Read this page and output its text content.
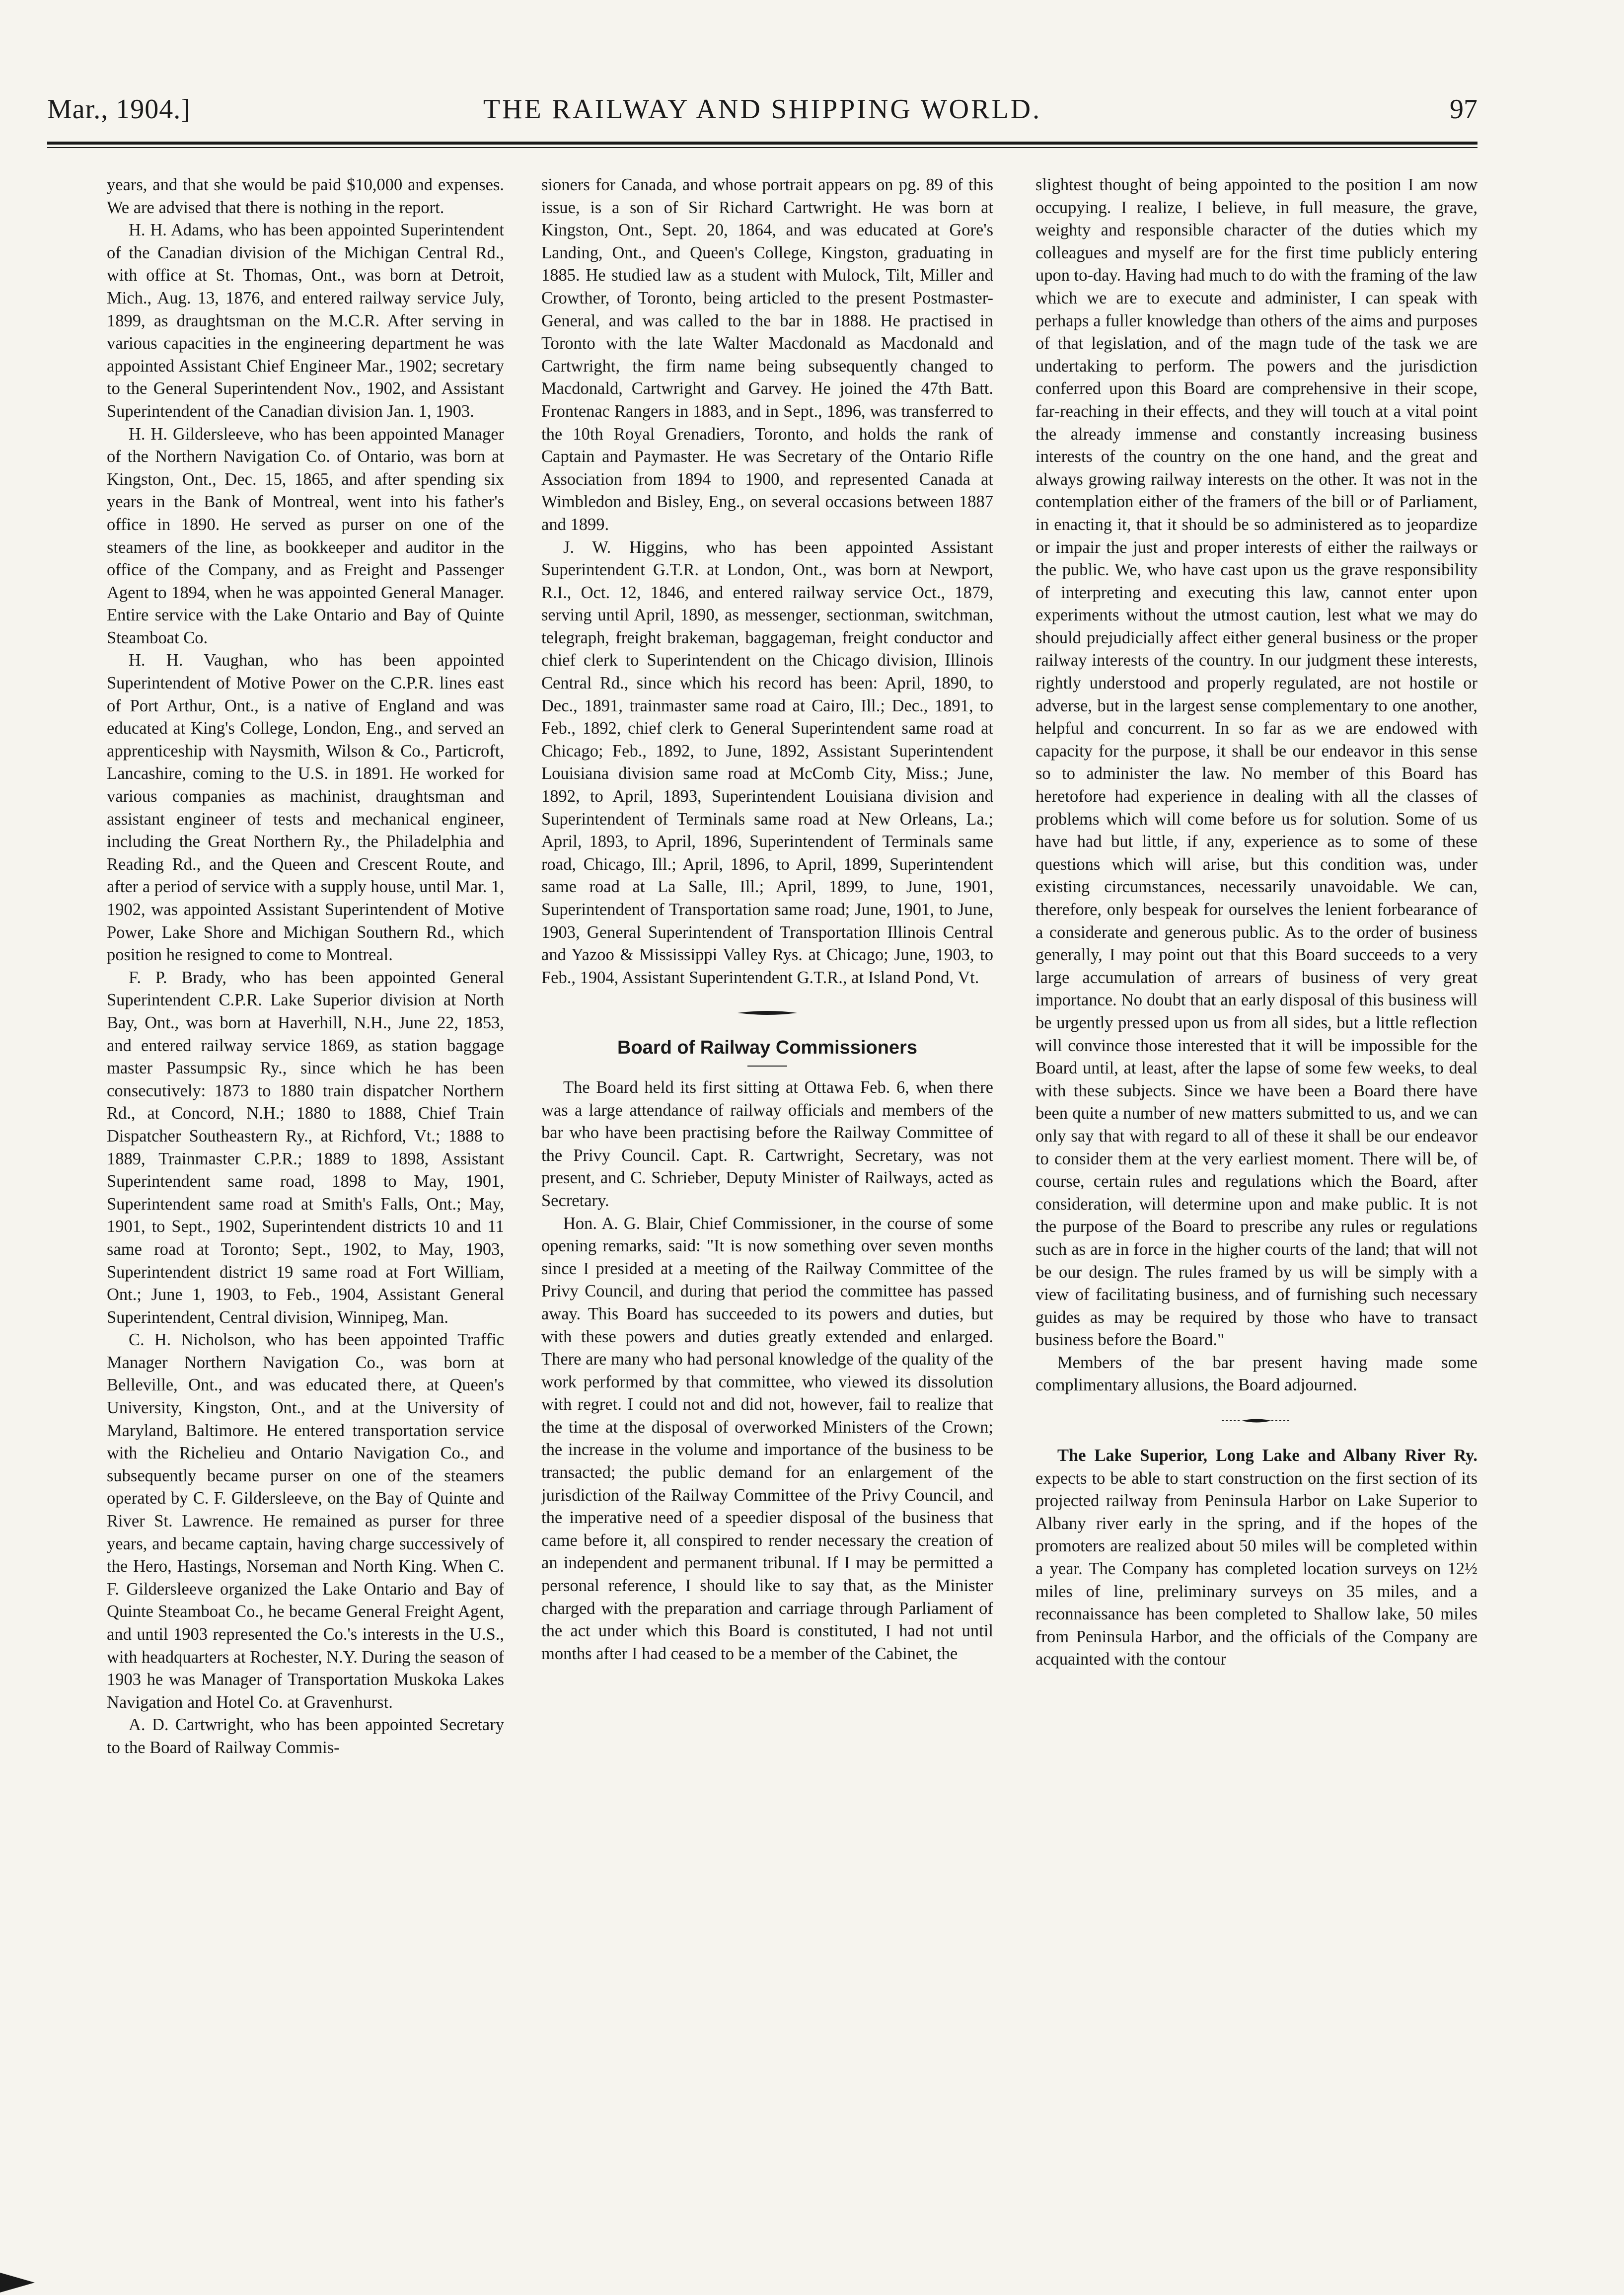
Mar., 1904.]	THE RAILWAY AND SHIPPING WORLD.	97

years, and that she would be paid $10,000 and expenses. We are advised that there is nothing in the report.

H. H. Adams, who has been appointed Superintendent of the Canadian division of the Michigan Central Rd., with office at St. Thomas, Ont., was born at Detroit, Mich., Aug. 13, 1876, and entered railway service July, 1899, as draughtsman on the M.C.R. After serving in various capacities in the engineering department he was appointed Assistant Chief Engineer Mar., 1902; secretary to the General Superintendent Nov., 1902, and Assistant Superintendent of the Canadian division Jan. 1, 1903.

H. H. Gildersleeve, who has been appointed Manager of the Northern Navigation Co. of Ontario, was born at Kingston, Ont., Dec. 15, 1865, and after spending six years in the Bank of Montreal, went into his father's office in 1890. He served as purser on one of the steamers of the line, as bookkeeper and auditor in the office of the Company, and as Freight and Passenger Agent to 1894, when he was appointed General Manager. Entire service with the Lake Ontario and Bay of Quinte Steamboat Co.

H. H. Vaughan, who has been appointed Superintendent of Motive Power on the C.P.R. lines east of Port Arthur, Ont., is a native of England and was educated at King's College, London, Eng., and served an apprenticeship with Naysmith, Wilson & Co., Particroft, Lancashire, coming to the U.S. in 1891. He worked for various companies as machinist, draughtsman and assistant engineer of tests and mechanical engineer, including the Great Northern Ry., the Philadelphia and Reading Rd., and the Queen and Crescent Route, and after a period of service with a supply house, until Mar. 1, 1902, was appointed Assistant Superintendent of Motive Power, Lake Shore and Michigan Southern Rd., which position he resigned to come to Montreal.

F. P. Brady, who has been appointed General Superintendent C.P.R. Lake Superior division at North Bay, Ont., was born at Haverhill, N.H., June 22, 1853, and entered railway service 1869, as station baggage master Passumpsic Ry., since which he has been consecutively: 1873 to 1880 train dispatcher Northern Rd., at Concord, N.H.; 1880 to 1888, Chief Train Dispatcher Southeastern Ry., at Richford, Vt.; 1888 to 1889, Trainmaster C.P.R.; 1889 to 1898, Assistant Superintendent same road, 1898 to May, 1901, Superintendent same road at Smith's Falls, Ont.; May, 1901, to Sept., 1902, Superintendent districts 10 and 11 same road at Toronto; Sept., 1902, to May, 1903, Superintendent district 19 same road at Fort William, Ont.; June 1, 1903, to Feb., 1904, Assistant General Superintendent, Central division, Winnipeg, Man.

C. H. Nicholson, who has been appointed Traffic Manager Northern Navigation Co., was born at Belleville, Ont., and was educated there, at Queen's University, Kingston, Ont., and at the University of Maryland, Baltimore. He entered transportation service with the Richelieu and Ontario Navigation Co., and subsequently became purser on one of the steamers operated by C. F. Gildersleeve, on the Bay of Quinte and River St. Lawrence. He remained as purser for three years, and became captain, having charge successively of the Hero, Hastings, Norseman and North King. When C. F. Gildersleeve organized the Lake Ontario and Bay of Quinte Steamboat Co., he became General Freight Agent, and until 1903 represented the Co.'s interests in the U.S., with headquarters at Rochester, N.Y. During the season of 1903 he was Manager of Transportation Muskoka Lakes Navigation and Hotel Co. at Gravenhurst.

A. D. Cartwright, who has been appointed Secretary to the Board of Railway Commis-

sioners for Canada, and whose portrait appears on pg. 89 of this issue, is a son of Sir Richard Cartwright. He was born at Kingston, Ont., Sept. 20, 1864, and was educated at Gore's Landing, Ont., and Queen's College, Kingston, graduating in 1885. He studied law as a student with Mulock, Tilt, Miller and Crowther, of Toronto, being articled to the present Postmaster-General, and was called to the bar in 1888. He practised in Toronto with the late Walter Macdonald as Macdonald and Cartwright, the firm name being subsequently changed to Macdonald, Cartwright and Garvey. He joined the 47th Batt. Frontenac Rangers in 1883, and in Sept., 1896, was transferred to the 10th Royal Grenadiers, Toronto, and holds the rank of Captain and Paymaster. He was Secretary of the Ontario Rifle Association from 1894 to 1900, and represented Canada at Wimbledon and Bisley, Eng., on several occasions between 1887 and 1899.

J. W. Higgins, who has been appointed Assistant Superintendent G.T.R. at London, Ont., was born at Newport, R.I., Oct. 12, 1846, and entered railway service Oct., 1879, serving until April, 1890, as messenger, sectionman, switchman, telegraph, freight brakeman, baggageman, freight conductor and chief clerk to Superintendent on the Chicago division, Illinois Central Rd., since which his record has been: April, 1890, to Dec., 1891, trainmaster same road at Cairo, Ill.; Dec., 1891, to Feb., 1892, chief clerk to General Superintendent same road at Chicago; Feb., 1892, to June, 1892, Assistant Superintendent Louisiana division same road at McComb City, Miss.; June, 1892, to April, 1893, Superintendent Louisiana division and Superintendent of Terminals same road at New Orleans, La.; April, 1893, to April, 1896, Superintendent of Terminals same road, Chicago, Ill.; April, 1896, to April, 1899, Superintendent same road at La Salle, Ill.; April, 1899, to June, 1901, Superintendent of Transportation same road; June, 1901, to June, 1903, General Superintendent of Transportation Illinois Central and Yazoo & Mississippi Valley Rys. at Chicago; June, 1903, to Feb., 1904, Assistant Superintendent G.T.R., at Island Pond, Vt.

Board of Railway Commissioners

The Board held its first sitting at Ottawa Feb. 6, when there was a large attendance of railway officials and members of the bar who have been practising before the Railway Committee of the Privy Council. Capt. R. Cartwright, Secretary, was not present, and C. Schrieber, Deputy Minister of Railways, acted as Secretary.

Hon. A. G. Blair, Chief Commissioner, in the course of some opening remarks, said: "It is now something over seven months since I presided at a meeting of the Railway Committee of the Privy Council, and during that period the committee has passed away. This Board has succeeded to its powers and duties, but with these powers and duties greatly extended and enlarged. There are many who had personal knowledge of the quality of the work performed by that committee, who viewed its dissolution with regret. I could not and did not, however, fail to realize that the time at the disposal of overworked Ministers of the Crown; the increase in the volume and importance of the business to be transacted; the public demand for an enlargement of the jurisdiction of the Railway Committee of the Privy Council, and the imperative need of a speedier disposal of the business that came before it, all conspired to render necessary the creation of an independent and permanent tribunal. If I may be permitted a personal reference, I should like to say that, as the Minister charged with the preparation and carriage through Parliament of the act under which this Board is constituted, I had not until months after I had ceased to be a member of the Cabinet, the

slightest thought of being appointed to the position I am now occupying. I realize, I believe, in full measure, the grave, weighty and responsible character of the duties which my colleagues and myself are for the first time publicly entering upon to-day. Having had much to do with the framing of the law which we are to execute and administer, I can speak with perhaps a fuller knowledge than others of the aims and purposes of that legislation, and of the magn tude of the task we are undertaking to perform. The powers and the jurisdiction conferred upon this Board are comprehensive in their scope, far-reaching in their effects, and they will touch at a vital point the already immense and constantly increasing business interests of the country on the one hand, and the great and always growing railway interests on the other. It was not in the contemplation either of the framers of the bill or of Parliament, in enacting it, that it should be so administered as to jeopardize or impair the just and proper interests of either the railways or the public. We, who have cast upon us the grave responsibility of interpreting and executing this law, cannot enter upon experiments without the utmost caution, lest what we may do should prejudicially affect either general business or the proper railway interests of the country. In our judgment these interests, rightly understood and properly regulated, are not hostile or adverse, but in the largest sense complementary to one another, helpful and concurrent. In so far as we are endowed with capacity for the purpose, it shall be our endeavor in this sense so to administer the law. No member of this Board has heretofore had experience in dealing with all the classes of problems which will come before us for solution. Some of us have had but little, if any, experience as to some of these questions which will arise, but this condition was, under existing circumstances, necessarily unavoidable. We can, therefore, only bespeak for ourselves the lenient forbearance of a considerate and generous public. As to the order of business generally, I may point out that this Board succeeds to a very large accumulation of arrears of business of very great importance. No doubt that an early disposal of this business will be urgently pressed upon us from all sides, but a little reflection will convince those interested that it will be impossible for the Board until, at least, after the lapse of some few weeks, to deal with these subjects. Since we have been a Board there have been quite a number of new matters submitted to us, and we can only say that with regard to all of these it shall be our endeavor to consider them at the very earliest moment. There will be, of course, certain rules and regulations which the Board, after consideration, will determine upon and make public. It is not the purpose of the Board to prescribe any rules or regulations such as are in force in the higher courts of the land; that will not be our design. The rules framed by us will be simply with a view of facilitating business, and of furnishing such necessary guides as may be required by those who have to transact business before the Board."

Members of the bar present having made some complimentary allusions, the Board adjourned.

The Lake Superior, Long Lake and Albany River Ry. expects to be able to start construction on the first section of its projected railway from Peninsula Harbor on Lake Superior to Albany river early in the spring, and if the hopes of the promoters are realized about 50 miles will be completed within a year. The Company has completed location surveys on 12½ miles of line, preliminary surveys on 35 miles, and a reconnaissance has been completed to Shallow lake, 50 miles from Peninsula Harbor, and the officials of the Company are acquainted with the contour
